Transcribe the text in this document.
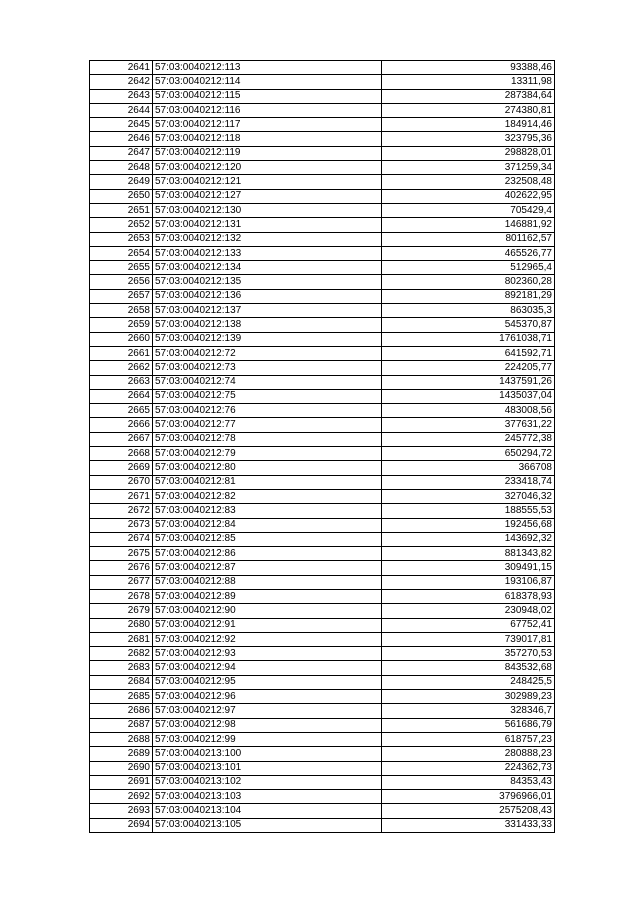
2641	57:03:0040212:113	93388,46
2642	57:03:0040212:114	13311,98
2643	57:03:0040212:115	287384,64
2644	57:03:0040212:116	274380,81
2645	57:03:0040212:117	184914,46
2646	57:03:0040212:118	323795,36
2647	57:03:0040212:119	298828,01
2648	57:03:0040212:120	371259,34
2649	57:03:0040212:121	232508,48
2650	57:03:0040212:127	402622,95
2651	57:03:0040212:130	705429,4
2652	57:03:0040212:131	146881,92
2653	57:03:0040212:132	801162,57
2654	57:03:0040212:133	465526,77
2655	57:03:0040212:134	512965,4
2656	57:03:0040212:135	802360,28
2657	57:03:0040212:136	892181,29
2658	57:03:0040212:137	863035,3
2659	57:03:0040212:138	545370,87
2660	57:03:0040212:139	1761038,71
2661	57:03:0040212:72	641592,71
2662	57:03:0040212:73	224205,77
2663	57:03:0040212:74	1437591,26
2664	57:03:0040212:75	1435037,04
2665	57:03:0040212:76	483008,56
2666	57:03:0040212:77	377631,22
2667	57:03:0040212:78	245772,38
2668	57:03:0040212:79	650294,72
2669	57:03:0040212:80	366708
2670	57:03:0040212:81	233418,74
2671	57:03:0040212:82	327046,32
2672	57:03:0040212:83	188555,53
2673	57:03:0040212:84	192456,68
2674	57:03:0040212:85	143692,32
2675	57:03:0040212:86	881343,82
2676	57:03:0040212:87	309491,15
2677	57:03:0040212:88	193106,87
2678	57:03:0040212:89	618378,93
2679	57:03:0040212:90	230948,02
2680	57:03:0040212:91	67752,41
2681	57:03:0040212:92	739017,81
2682	57:03:0040212:93	357270,53
2683	57:03:0040212:94	843532,68
2684	57:03:0040212:95	248425,5
2685	57:03:0040212:96	302989,23
2686	57:03:0040212:97	328346,7
2687	57:03:0040212:98	561686,79
2688	57:03:0040212:99	618757,23
2689	57:03:0040213:100	280888,23
2690	57:03:0040213:101	224362,73
2691	57:03:0040213:102	84353,43
2692	57:03:0040213:103	3796966,01
2693	57:03:0040213:104	2575208,43
2694	57:03:0040213:105	331433,33
